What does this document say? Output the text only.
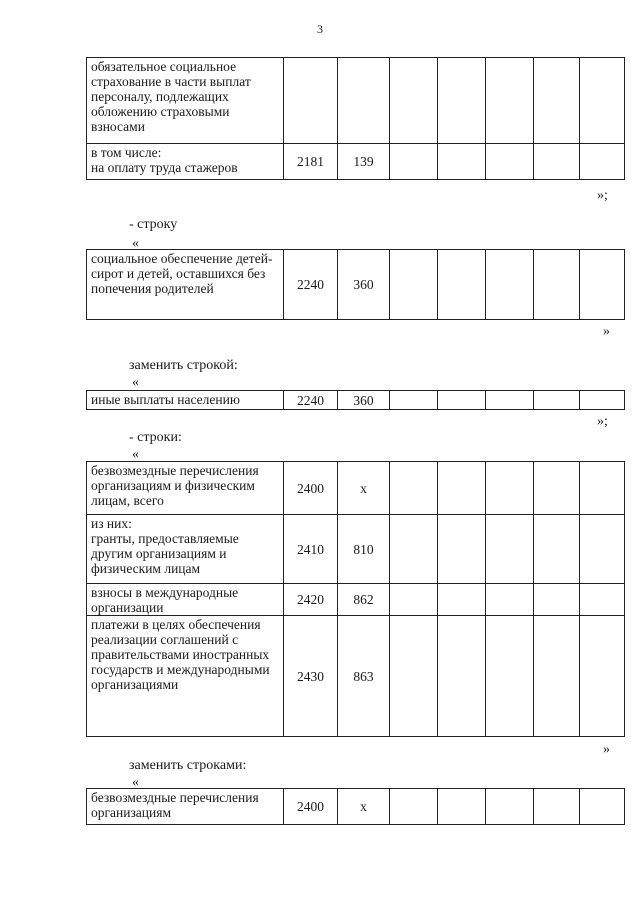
3
обязательное социальное страхование в части выплат персоналу, подлежащих обложению страховыми взносами							
в том числе:
на оплату труда стажеров	2181	139					
»;
- строку
«
социальное обеспечение детей-сирот и детей, оставшихся без попечения родителей	2240	360					
»
заменить строкой:
«
иные выплаты населению	2240	360					
»;
- строки:
«
безвозмездные перечисления организациям и физическим лицам, всего	2400	x					
из них:
гранты, предоставляемые другим организациям и физическим лицам	2410	810					
взносы в международные организации	2420	862					
платежи в целях обеспечения реализации соглашений с правительствами иностранных государств и международными организациями	2430	863					
»
заменить строками:
«
безвозмездные перечисления организациям	2400	x					
